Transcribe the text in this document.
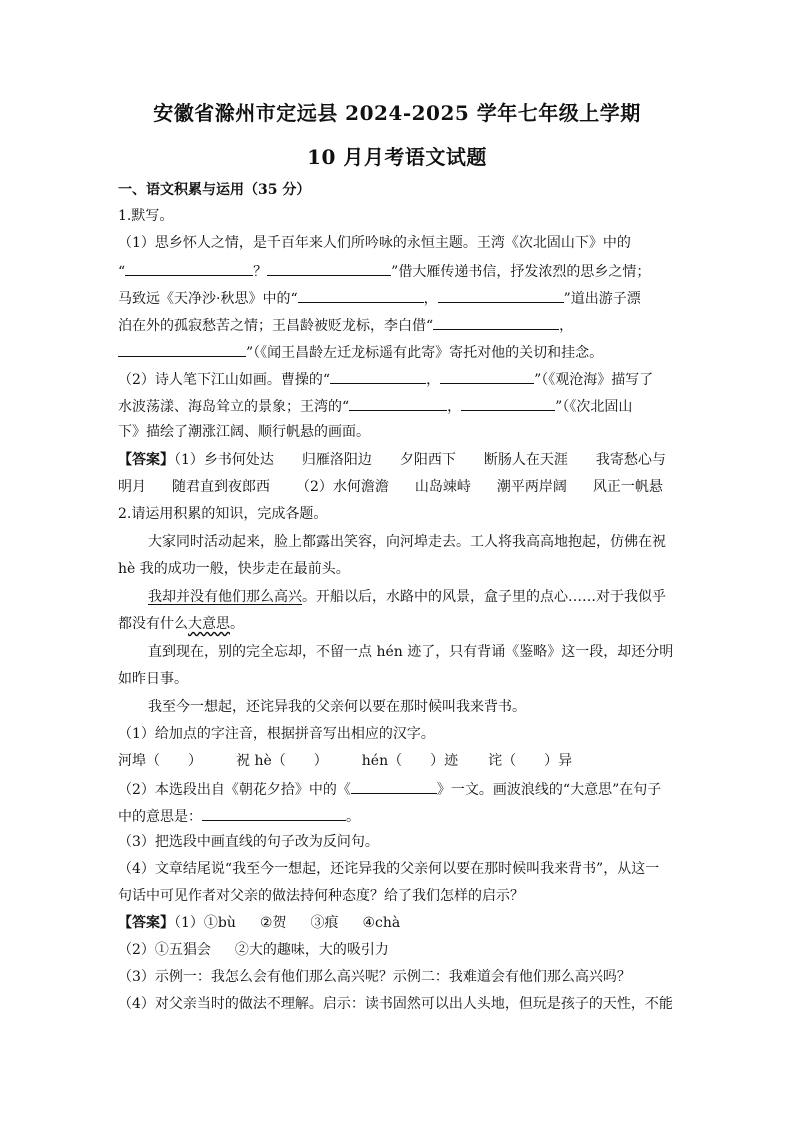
安徽省滁州市定远县 2024-2025 学年七年级上学期
10 月月考语文试题
一、语文积累与运用（35 分）
1.默写。
（1）思乡怀人之情，是千百年来人们所吟咏的永恒主题。王湾《次北固山下》中的
“	？	”借大雁传递书信，抒发浓烈的思乡之情；
马致远《天净沙·秋思》中的“	，	”道出游子漂
泊在外的孤寂愁苦之情；王昌龄被贬龙标，李白借“	，
”（《闻王昌龄左迁龙标遥有此寄》寄托对他的关切和挂念。
（2）诗人笔下江山如画。曹操的“	，	”（《观沧海》描写了
水波荡漾、海岛耸立的景象；王湾的“	，	”（《次北固山
下》描绘了潮涨江阔、顺行帆悬的画面。
【答案】（1）乡书何处达 归雁洛阳边 夕阳西下 断肠人在天涯 我寄愁心与
明月 随君直到夜郎西 （2）水何澹澹 山岛竦峙 潮平两岸阔 风正一帆悬
2.请运用积累的知识，完成各题。
大家同时活动起来，脸上都露出笑容，向河埠走去。工人将我高高地抱起，仿佛在祝
hè 我的成功一般，快步走在最前头。
我却并没有他们那么高兴。开船以后，水路中的风景，盒子里的点心……对于我似乎
都没有什么大意思。
直到现在，别的完全忘却，不留一点 hén 迹了，只有背诵《鉴略》这一段，却还分明
如昨日事。
我至今一想起，还诧异我的父亲何以要在那时候叫我来背书。
（1）给加点的字注音，根据拼音写出相应的汉字。
河埠（　　） 祝 hè（　　） hén（　　）迹 诧（　　）异
（2）本选段出自《朝花夕拾》中的《	》一文。画波浪线的“大意思”在句子
中的意思是：	。
（3）把选段中画直线的句子改为反问句。
（4）文章结尾说“我至今一想起，还诧异我的父亲何以要在那时候叫我来背书”，从这一
句话中可见作者对父亲的做法持何种态度？给了我们怎样的启示？
【答案】（1）①bù ②贺 ③痕 ④chà
（2）①五猖会 ②大的趣味，大的吸引力
（3）示例一：我怎么会有他们那么高兴呢？示例二：我难道会有他们那么高兴吗？
（4）对父亲当时的做法不理解。启示：读书固然可以出人头地，但玩是孩子的天性，不能
